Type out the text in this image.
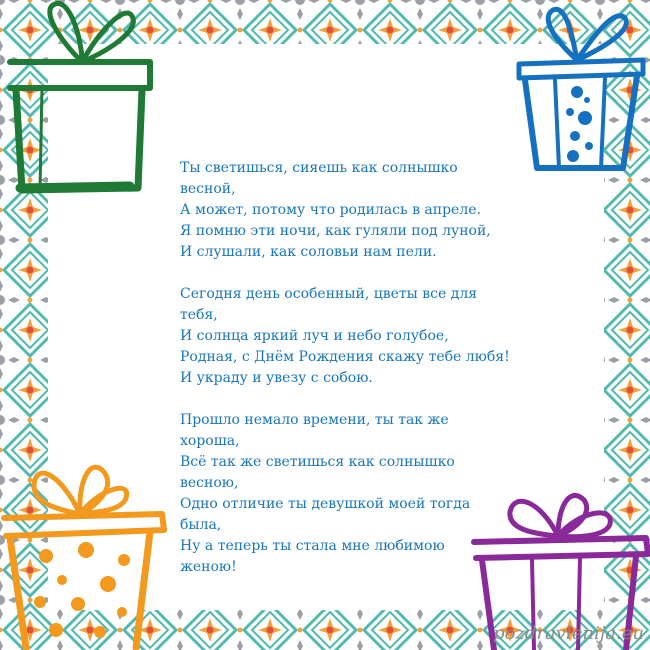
Ты светишься, сияешь как солнышко
весной,
А может, потому что родилась в апреле.
Я помню эти ночи, как гуляли под луной,
И слушали, как соловьи нам пели.
Сегодня день особенный, цветы все для
тебя,
И солнца яркий луч и небо голубое,
Родная, с Днём Рождения скажу тебе любя!
И украду и увезу с собою.
Прошло немало времени, ты так же
хороша,
Всё так же светишься как солнышко
весною,
Одно отличие ты девушкой моей тогда
была,
Ну а теперь ты стала мне любимою
женою!
pozdravlenija.eu
